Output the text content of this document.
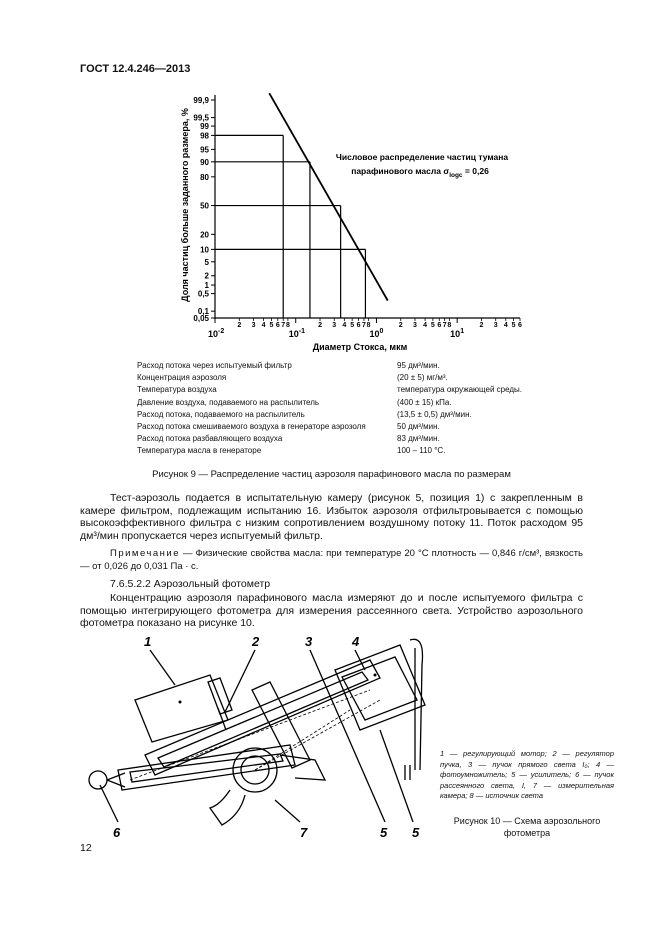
ГОСТ 12.4.246—2013
0,05
0,1
0,5
1
2
5
10
20
50
80
90
95
98
99
99,5
99,9
$10^{-2}$
2 3 4 5 6 7 8
$10^{-1}$
2 3 4 5 6 7 8
$10^0$
2 3 4 5 6 7 8
$10^1$
2 3 4 5 6
Числовое распределение частиц тумана
парафинового масла $\sigma_{logc} = 0,26$
Диаметр Стокса, мкм
Доля частиц больше заданного размера, %
Расход потока через испытуемый фильтр	95 дм³/мин.
Концентрация аэрозоля	(20 ± 5) мг/м³.
Температура воздуха	температура окружающей среды.
Давление воздуха, подаваемого на распылитель	(400 ± 15) кПа.
Расход потока, подаваемого на распылитель	(13,5 ± 0,5) дм³/мин.
Расход потока смешиваемого воздуха в генераторе аэрозоля	50 дм³/мин.
Расход потока разбавляющего воздуха	83 дм³/мин.
Температура масла в генераторе	100 – 110 °С.
Рисунок 9 — Распределение частиц аэрозоля парафинового масла по размерам
Тест-аэрозоль подается в испытательную камеру (рисунок 5, позиция 1) с закрепленным в камере фильтром, подлежащим испытанию 16. Избыток аэрозоля отфильтровывается с помощью высокоэффективного фильтра с низким сопротивлением воздушному потоку 11. Поток расходом 95 дм³/мин пропускается через испытуемый фильтр.
Примечание — Физические свойства масла: при температуре 20 °С плотность — 0,846 г/см³, вязкость — от 0,026 до 0,031 Па · с.
7.6.5.2.2 Аэрозольный фотометр
Концентрацию аэрозоля парафинового масла измеряют до и после испытуемого фильтра с помощью интегрирующего фотометра для измерения рассеянного света. Устройство аэрозольного фотометра показано на рисунке 10.
1	2	3	4
5 5
6	7
1 — регулирующий мотор; 2 — регулятор пучка, 3 — пучок прямого света I₀; 4 — фотоумножитель; 5 — усилитель; 6 — пучок рассеянного света, I, 7 — измерительная камера; 8 — источник света
Рисунок 10 — Схема аэрозольного фотометра
12
